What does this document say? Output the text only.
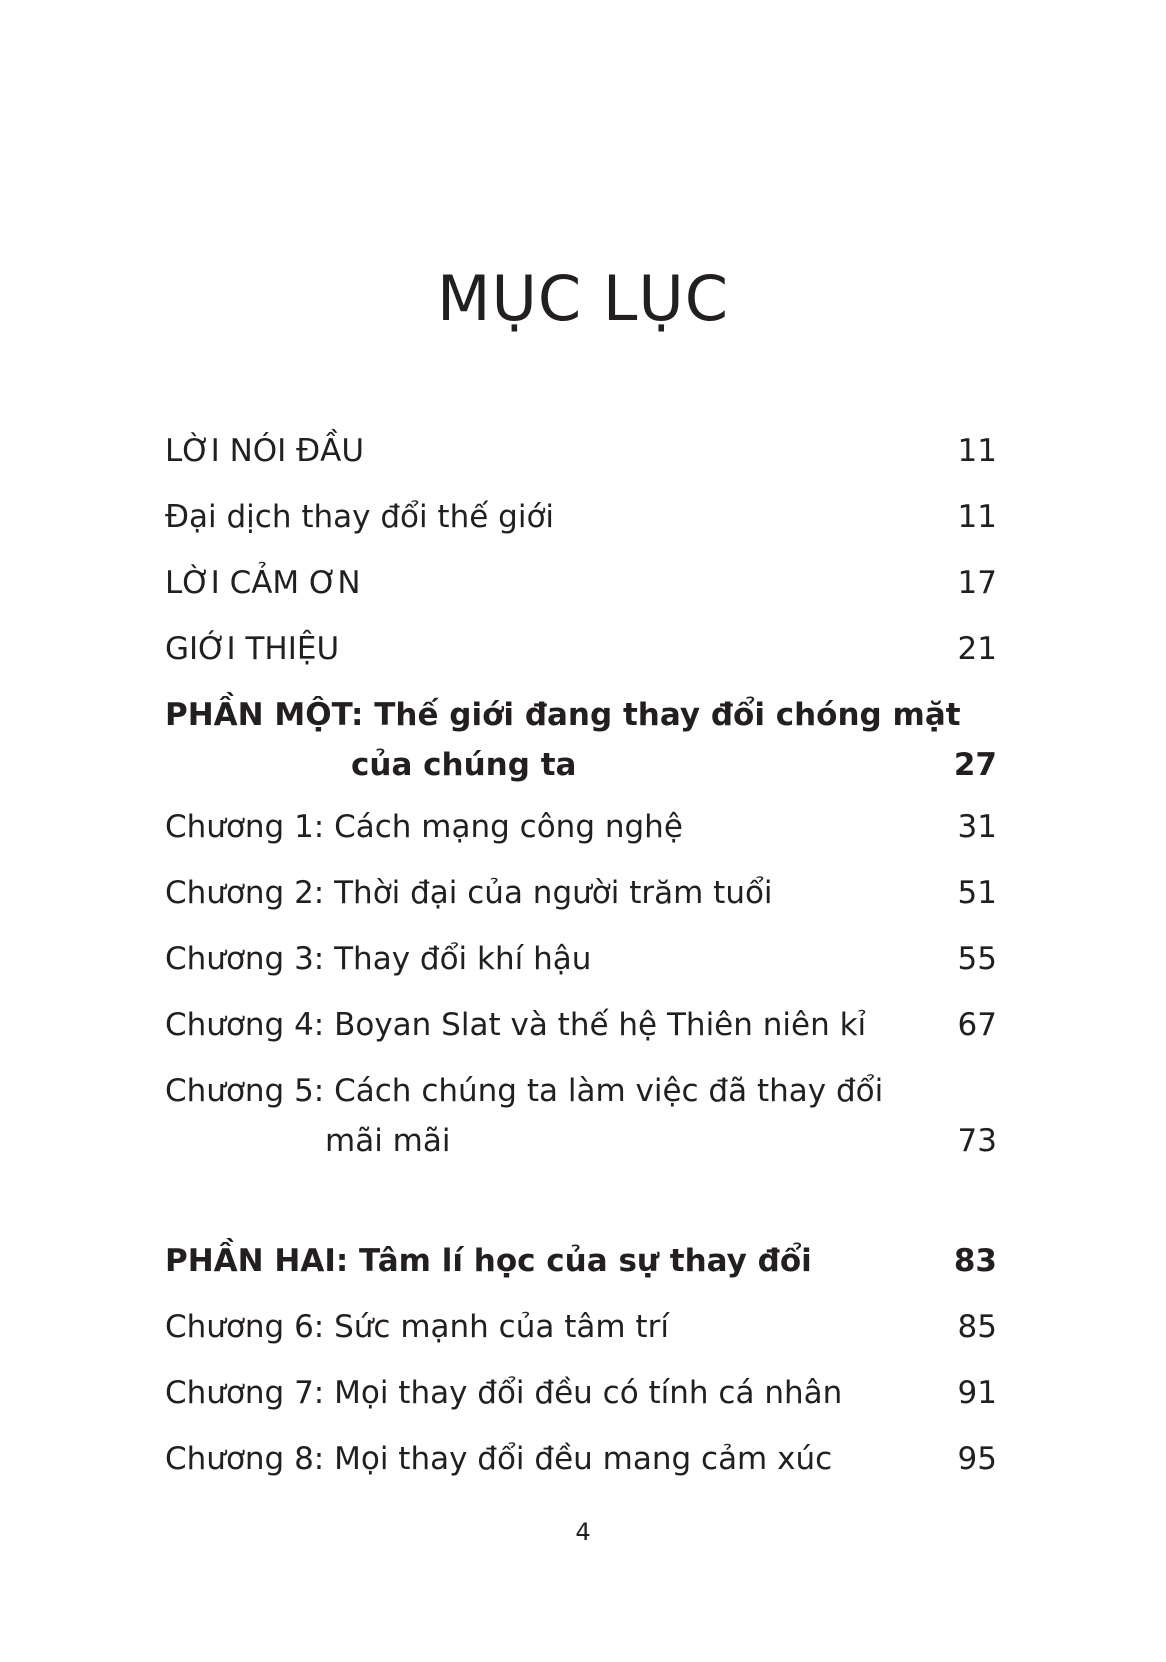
MỤC LỤC
LỜI NÓI ĐẦU	11
Đại dịch thay đổi thế giới	11
LỜI CẢM ƠN	17
GIỚI THIỆU	21
PHẦN MỘT: Thế giới đang thay đổi chóng mặt
của chúng ta	27
Chương 1: Cách mạng công nghệ	31
Chương 2: Thời đại của người trăm tuổi	51
Chương 3: Thay đổi khí hậu	55
Chương 4: Boyan Slat và thế hệ Thiên niên kỉ	67
Chương 5: Cách chúng ta làm việc đã thay đổi
mãi mãi	73
PHẦN HAI: Tâm lí học của sự thay đổi	83
Chương 6: Sức mạnh của tâm trí	85
Chương 7: Mọi thay đổi đều có tính cá nhân	91
Chương 8: Mọi thay đổi đều mang cảm xúc	95
4
